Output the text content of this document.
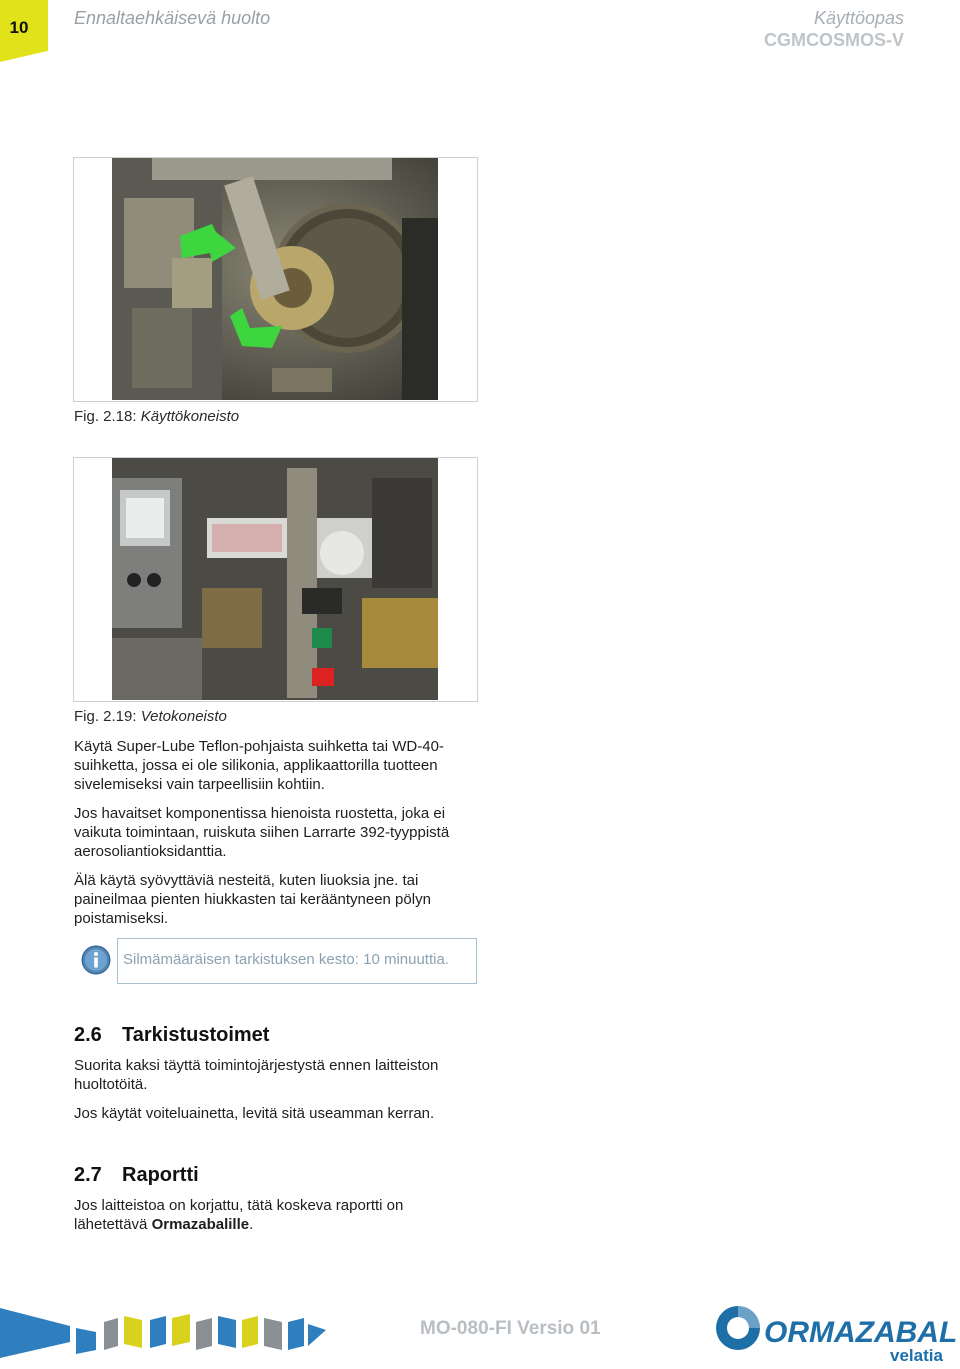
10	Ennaltaehkäisevä huolto	Käyttöopas
CGMCOSMOS-V
Fig. 2.18: Käyttökoneisto
Fig. 2.19: Vetokoneisto

Käytä Super-Lube Teflon-pohjaista suihketta tai WD-40-suihketta, jossa ei ole silikonia, applikaattorilla tuotteen sivelemiseksi vain tarpeellisiin kohtiin.

Jos havaitset komponentissa hienoista ruostetta, joka ei vaikuta toimintaan, ruiskuta siihen Larrarte 392-tyyppistä aerosoliantioksidanttia.

Älä käytä syövyttäviä nesteitä, kuten liuoksia jne. tai paineilmaa pienten hiukkasten tai kerääntyneen pölyn poistamiseksi.

Silmämääräisen tarkistuksen kesto: 10 minuuttia.
2.6 Tarkistustoimet

Suorita kaksi täyttä toimintojärjestystä ennen laitteiston huoltotöitä.

Jos käytät voiteluainetta, levitä sitä useamman kerran.

2.7 Raportti

Jos laitteistoa on korjattu, tätä koskeva raportti on lähetettävä Ormazabalille.

MO-080-FI Versio 01	ORMAZABAL
velatia
